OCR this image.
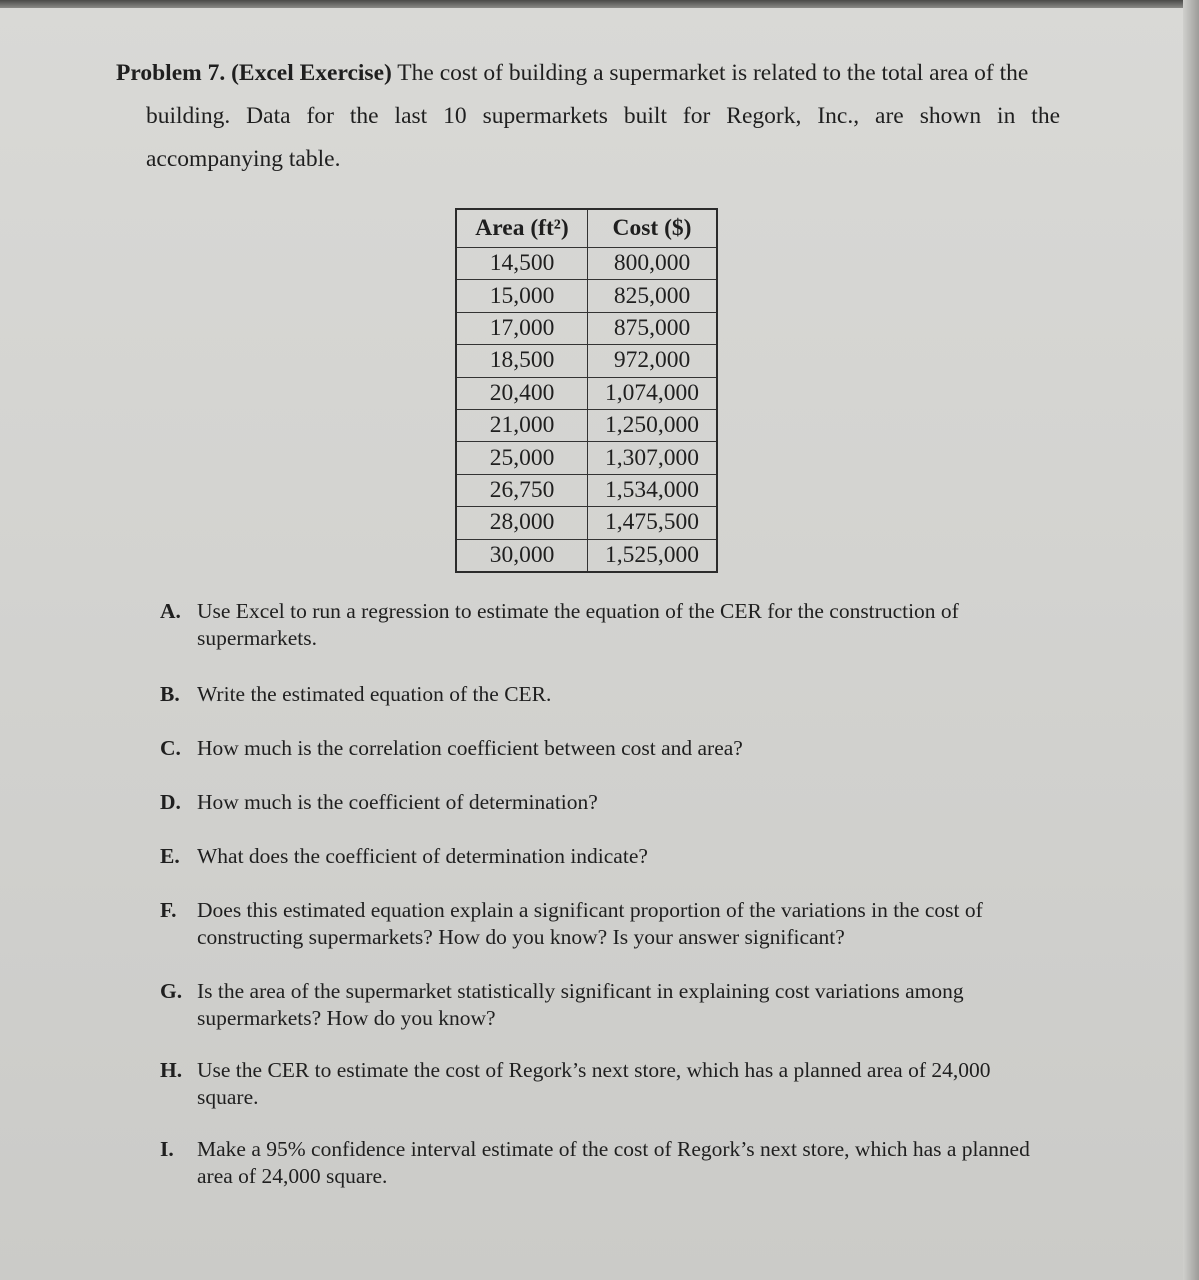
Problem 7. (Excel Exercise) The cost of building a supermarket is related to the total area of the
building. Data for the last 10 supermarkets built for Regork, Inc., are shown in the accompanying table.
Area (ft²)	Cost ($)
14,500	800,000
15,000	825,000
17,000	875,000
18,500	972,000
20,400	1,074,000
21,000	1,250,000
25,000	1,307,000
26,750	1,534,000
28,000	1,475,500
30,000	1,525,000
A. Use Excel to run a regression to estimate the equation of the CER for the construction of supermarkets.
B. Write the estimated equation of the CER.
C. How much is the correlation coefficient between cost and area?
D. How much is the coefficient of determination?
E. What does the coefficient of determination indicate?
F. Does this estimated equation explain a significant proportion of the variations in the cost of constructing supermarkets? How do you know? Is your answer significant?
G. Is the area of the supermarket statistically significant in explaining cost variations among supermarkets? How do you know?
H. Use the CER to estimate the cost of Regork’s next store, which has a planned area of 24,000 square.
I.	Make a 95% confidence interval estimate of the cost of Regork’s next store, which has a planned area of 24,000 square.
